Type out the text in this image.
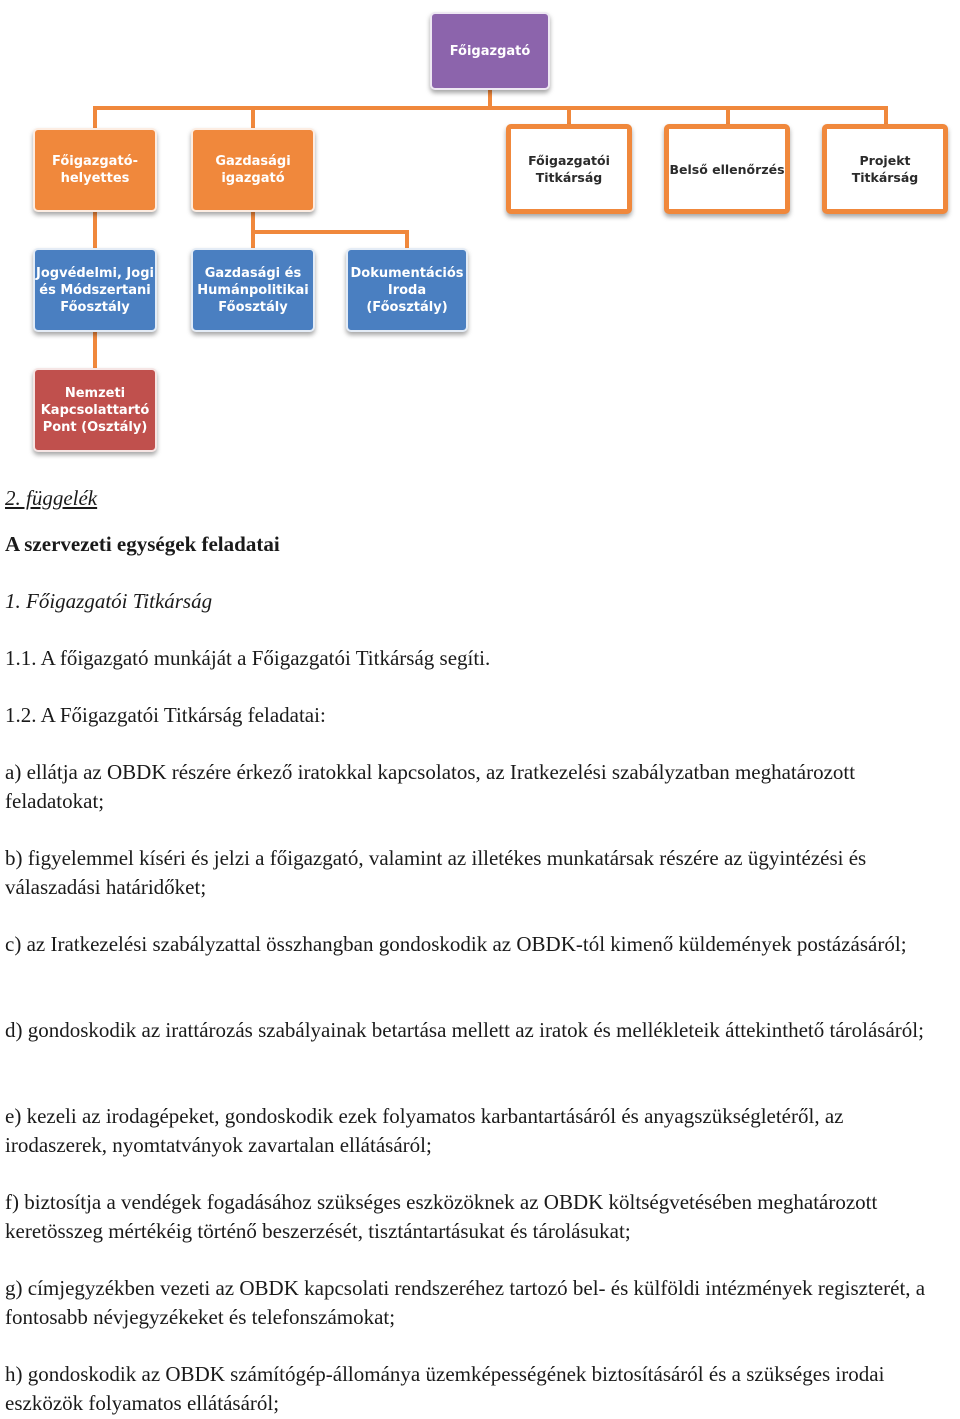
Főigazgató
Főigazgató-
helyettes
Gazdasági
igazgató
Főigazgatói
Titkárság
Belső ellenőrzés
Projekt Titkárság
Jogvédelmi, Jogi
és Módszertani
Főosztály
Gazdasági és
Humánpolitikai
Főosztály
Dokumentációs
Iroda (Főosztály)
Nemzeti
Kapcsolattartó
Pont (Osztály)

2. függelék

A szervezeti egységek feladatai

1. Főigazgatói Titkárság

1.1. A főigazgató munkáját a Főigazgatói Titkárság segíti.

1.2. A Főigazgatói Titkárság feladatai:

a) ellátja az OBDK részére érkező iratokkal kapcsolatos, az Iratkezelési szabályzatban meghatározott feladatokat;

b) figyelemmel kíséri és jelzi a főigazgató, valamint az illetékes munkatársak részére az ügyintézési és válaszadási határidőket;

c) az Iratkezelési szabályzattal összhangban gondoskodik az OBDK-tól kimenő küldemények postázásáról;

d) gondoskodik az irattározás szabályainak betartása mellett az iratok és mellékleteik áttekinthető tárolásáról;

e) kezeli az irodagépeket, gondoskodik ezek folyamatos karbantartásáról és anyagszükségletéről, az irodaszerek, nyomtatványok zavartalan ellátásáról;

f) biztosítja a vendégek fogadásához szükséges eszközöknek az OBDK költségvetésében meghatározott keretösszeg mértékéig történő beszerzését, tisztántartásukat és tárolásukat;

g) címjegyzékben vezeti az OBDK kapcsolati rendszeréhez tartozó bel- és külföldi intézmények regiszterét, a fontosabb névjegyzékeket és telefonszámokat;

h) gondoskodik az OBDK számítógép-állománya üzemképességének biztosításáról és a szükséges irodai eszközök folyamatos ellátásáról;
